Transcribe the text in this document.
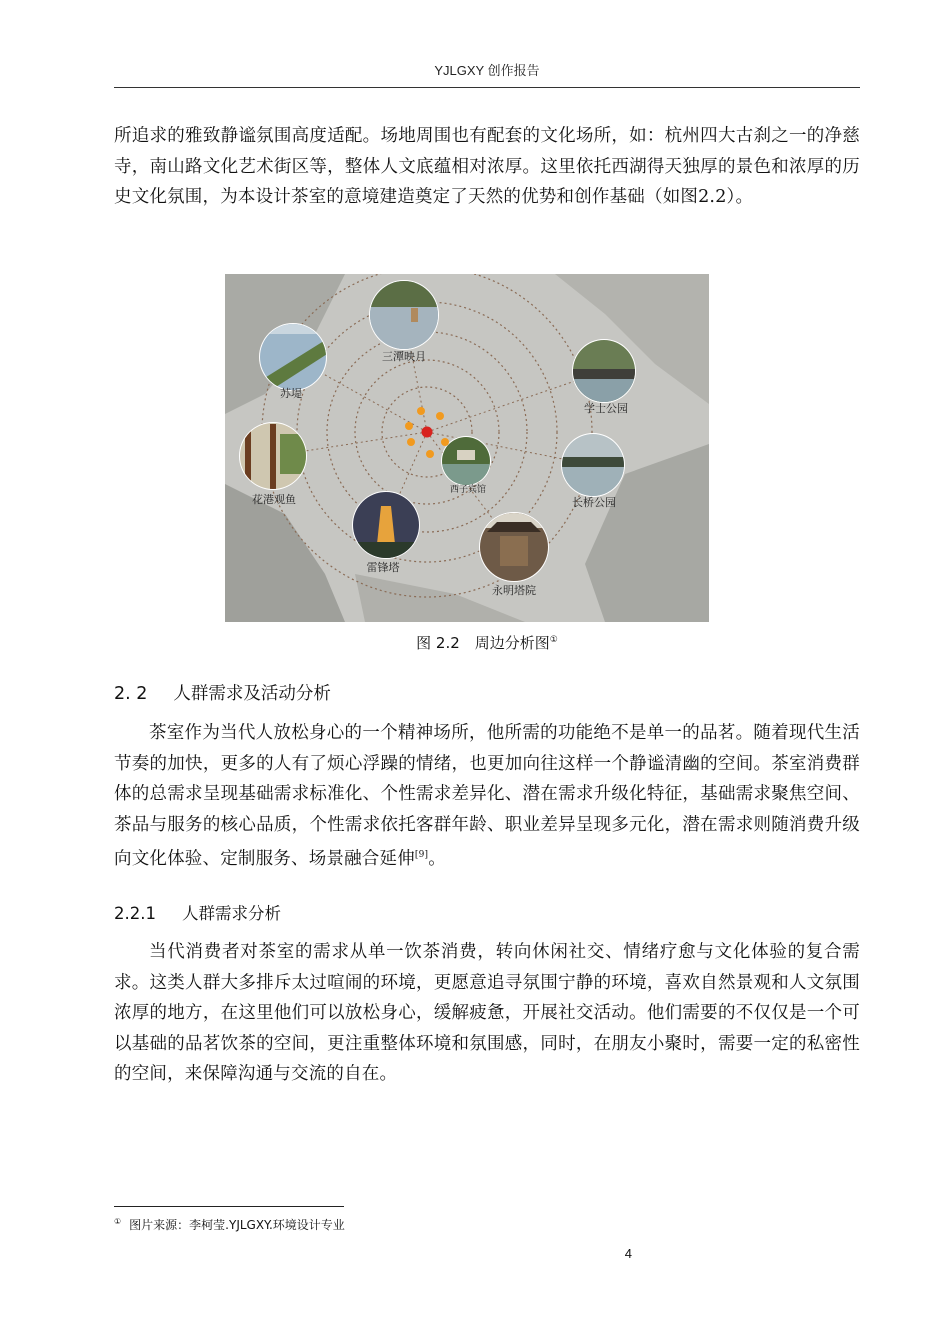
YJLGXY 创作报告

所追求的雅致静谧氛围高度适配。场地周围也有配套的文化场所，如：杭州四大古刹之一的净慈寺，南山路文化艺术街区等，整体人文底蕴相对浓厚。这里依托西湖得天独厚的景色和浓厚的历史文化氛围，为本设计茶室的意境建造奠定了天然的优势和创作基础（如图2.2）。

三潭映月
苏堤
学士公园
花港观鱼
西子宾馆
长桥公园
雷锋塔
永明塔院
图 2.2　周边分析图①
2. 2 人群需求及活动分析

茶室作为当代人放松身心的一个精神场所，他所需的功能绝不是单一的品茗。随着现代生活节奏的加快，更多的人有了烦心浮躁的情绪，也更加向往这样一个静谧清幽的空间。茶室消费群体的总需求呈现基础需求标准化、个性需求差异化、潜在需求升级化特征，基础需求聚焦空间、茶品与服务的核心品质，个性需求依托客群年龄、职业差异呈现多元化，潜在需求则随消费升级向文化体验、定制服务、场景融合延伸[9]。

2.2.1 人群需求分析

当代消费者对茶室的需求从单一饮茶消费，转向休闲社交、情绪疗愈与文化体验的复合需求。这类人群大多排斥太过喧闹的环境，更愿意追寻氛围宁静的环境，喜欢自然景观和人文氛围浓厚的地方，在这里他们可以放松身心，缓解疲惫，开展社交活动。他们需要的不仅仅是一个可以基础的品茗饮茶的空间，更注重整体环境和氛围感，同时，在朋友小聚时，需要一定的私密性的空间，来保障沟通与交流的自在。

① 图片来源：李柯莹.YJLGXY.环境设计专业
4
